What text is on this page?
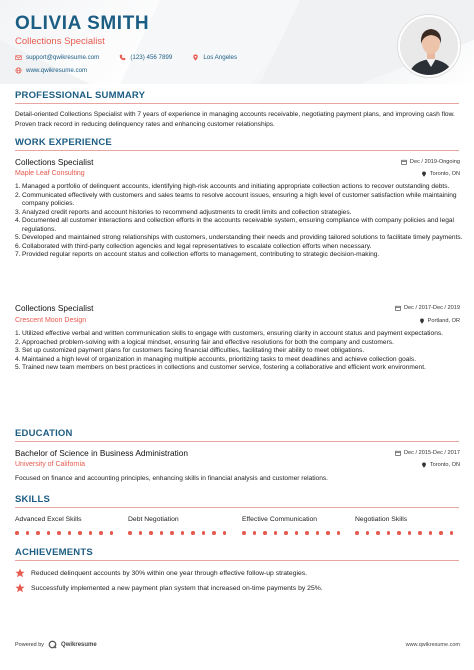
OLIVIA SMITH
Collections Specialist
support@qwikresume.com	(123) 456 7899	Los Angeles
www.qwikresume.com
PROFESSIONAL SUMMARY
Detail-oriented Collections Specialist with 7 years of experience in managing accounts receivable, negotiating payment plans, and improving cash flow. Proven track record in reducing delinquency rates and enhancing customer relationships.
WORK EXPERIENCE
Collections Specialist	Dec / 2019-Ongoing
Maple Leaf Consulting	Toronto, ON
Managed a portfolio of delinquent accounts, identifying high-risk accounts and initiating appropriate collection actions to recover outstanding debts.
Communicated effectively with customers and sales teams to resolve account issues, ensuring a high level of customer satisfaction while maintaining company policies.
Analyzed credit reports and account histories to recommend adjustments to credit limits and collection strategies.
Documented all customer interactions and collection efforts in the accounts receivable system, ensuring compliance with company policies and legal regulations.
Developed and maintained strong relationships with customers, understanding their needs and providing tailored solutions to facilitate timely payments.
Collaborated with third-party collection agencies and legal representatives to escalate collection efforts when necessary.
Provided regular reports on account status and collection efforts to management, contributing to strategic decision-making.
Collections Specialist	Dec / 2017-Dec / 2019
Crescent Moon Design	Portland, OR
Utilized effective verbal and written communication skills to engage with customers, ensuring clarity in account status and payment expectations.
Approached problem-solving with a logical mindset, ensuring fair and effective resolutions for both the company and customers.
Set up customized payment plans for customers facing financial difficulties, facilitating their ability to meet obligations.
Maintained a high level of organization in managing multiple accounts, prioritizing tasks to meet deadlines and achieve collection goals.
Trained new team members on best practices in collections and customer service, fostering a collaborative and efficient work environment.
EDUCATION
Bachelor of Science in Business Administration	Dec / 2015-Dec / 2017
University of California	Toronto, ON
Focused on finance and accounting principles, enhancing skills in financial analysis and customer relations.
SKILLS
Advanced Excel Skills	Debt Negotiation	Effective Communication	Negotiation Skills
ACHIEVEMENTS
Reduced delinquent accounts by 30% within one year through effective follow-up strategies.
Successfully implemented a new payment plan system that increased on-time payments by 25%.
Powered by	Qwikresume	www.qwikresume.com
